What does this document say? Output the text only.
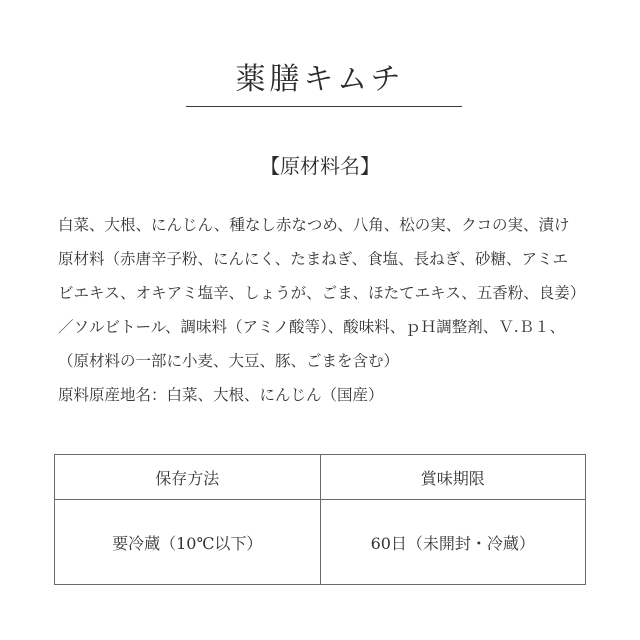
薬膳キムチ
【原材料名】
白菜、大根、にんじん、種なし赤なつめ、八角、松の実、クコの実、漬け
原材料（赤唐辛子粉、にんにく、たまねぎ、食塩、長ねぎ、砂糖、アミエ
ビエキス、オキアミ塩辛、しょうが、ごま、ほたてエキス、五香粉、良姜）
／ソルビトール、調味料（アミノ酸等）、酸味料、ｐＨ調整剤、Ｖ.Ｂ１、
（原材料の一部に小麦、大豆、豚、ごまを含む）
原料原産地名：白菜、大根、にんじん（国産）
保存方法	賞味期限
要冷蔵（10℃以下）	60日（未開封・冷蔵）
